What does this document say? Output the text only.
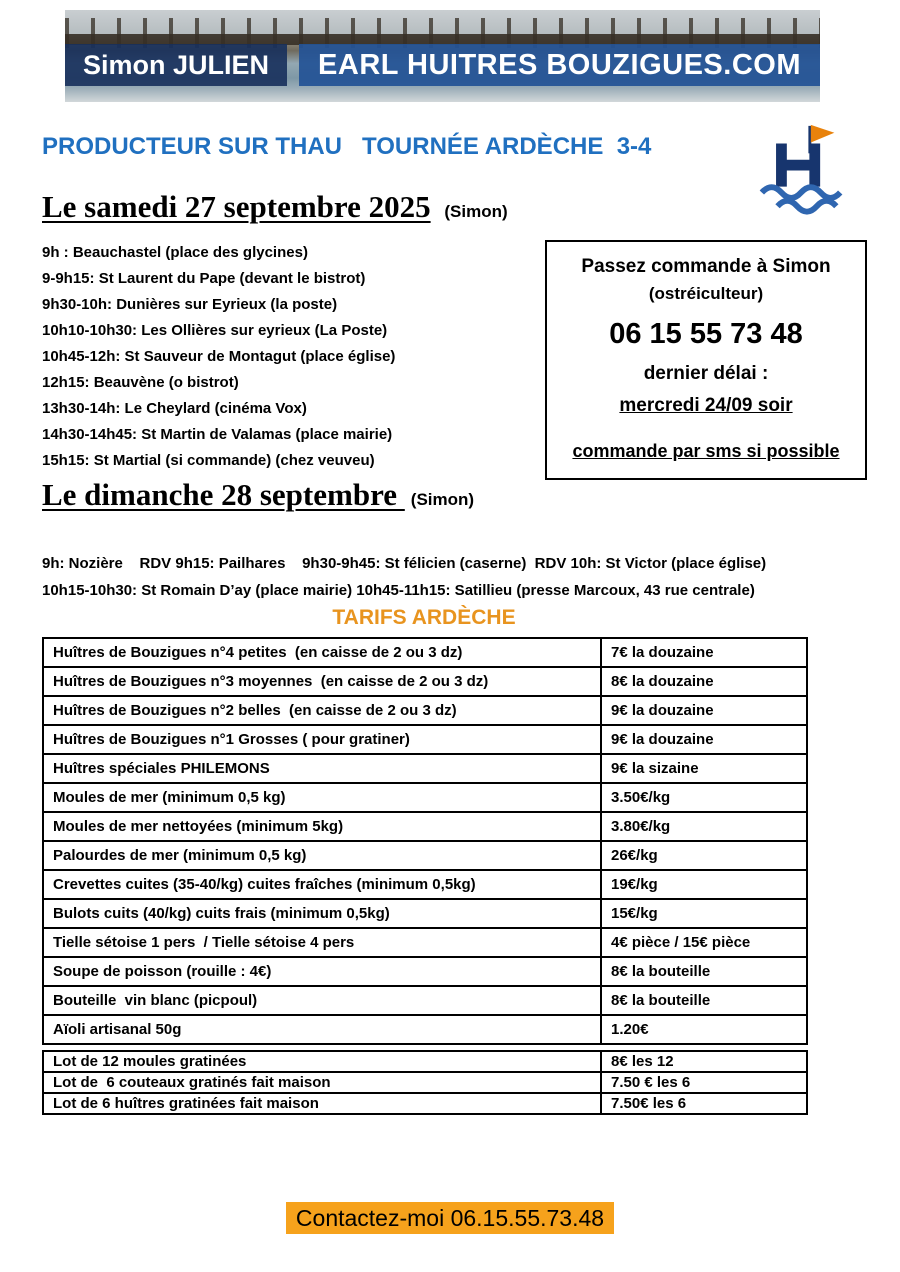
Simon JULIEN	EARL HUITRES BOUZIGUES.COM
PRODUCTEUR SUR THAU   TOURNÉE ARDÈCHE  3-4
Le samedi 27 septembre 2025 (Simon)
9h : Beauchastel (place des glycines)
9-9h15: St Laurent du Pape (devant le bistrot)
9h30-10h: Dunières sur Eyrieux (la poste)
10h10-10h30: Les Ollières sur eyrieux (La Poste)
10h45-12h: St Sauveur de Montagut (place église)
12h15: Beauvène (o bistrot)
13h30-14h: Le Cheylard (cinéma Vox)
14h30-14h45: St Martin de Valamas (place mairie)
15h15: St Martial (si commande) (chez veuveu)
Passez commande à Simon
(ostréiculteur)
06 15 55 73 48
dernier délai :
mercredi 24/09 soir
commande par sms si possible
Le dimanche 28 septembre (Simon)
9h: Nozière    RDV 9h15: Pailhares    9h30-9h45: St félicien (caserne)  RDV 10h: St Victor (place église)
10h15-10h30: St Romain D’ay (place mairie) 10h45-11h15: Satillieu (presse Marcoux, 43 rue centrale)
TARIFS ARDÈCHE
Huîtres de Bouzigues n°4 petites  (en caisse de 2 ou 3 dz)	7€ la douzaine
Huîtres de Bouzigues n°3 moyennes  (en caisse de 2 ou 3 dz)	8€ la douzaine
Huîtres de Bouzigues n°2 belles  (en caisse de 2 ou 3 dz)	9€ la douzaine
Huîtres de Bouzigues n°1 Grosses ( pour gratiner)	9€ la douzaine
Huîtres spéciales PHILEMONS	9€ la sizaine
Moules de mer (minimum 0,5 kg)	3.50€/kg
Moules de mer nettoyées (minimum 5kg)	3.80€/kg
Palourdes de mer (minimum 0,5 kg)	26€/kg
Crevettes cuites (35-40/kg) cuites fraîches (minimum 0,5kg)	19€/kg
Bulots cuits (40/kg) cuits frais (minimum 0,5kg)	15€/kg
Tielle sétoise 1 pers  / Tielle sétoise 4 pers	4€ pièce / 15€ pièce
Soupe de poisson (rouille : 4€)	8€ la bouteille
Bouteille  vin blanc (picpoul)	8€ la bouteille
Aïoli artisanal 50g	1.20€
Lot de 12 moules gratinées	8€ les 12
Lot de  6 couteaux gratinés fait maison	7.50 € les 6
Lot de 6 huîtres gratinées fait maison	7.50€ les 6
Contactez-moi 06.15.55.73.48
